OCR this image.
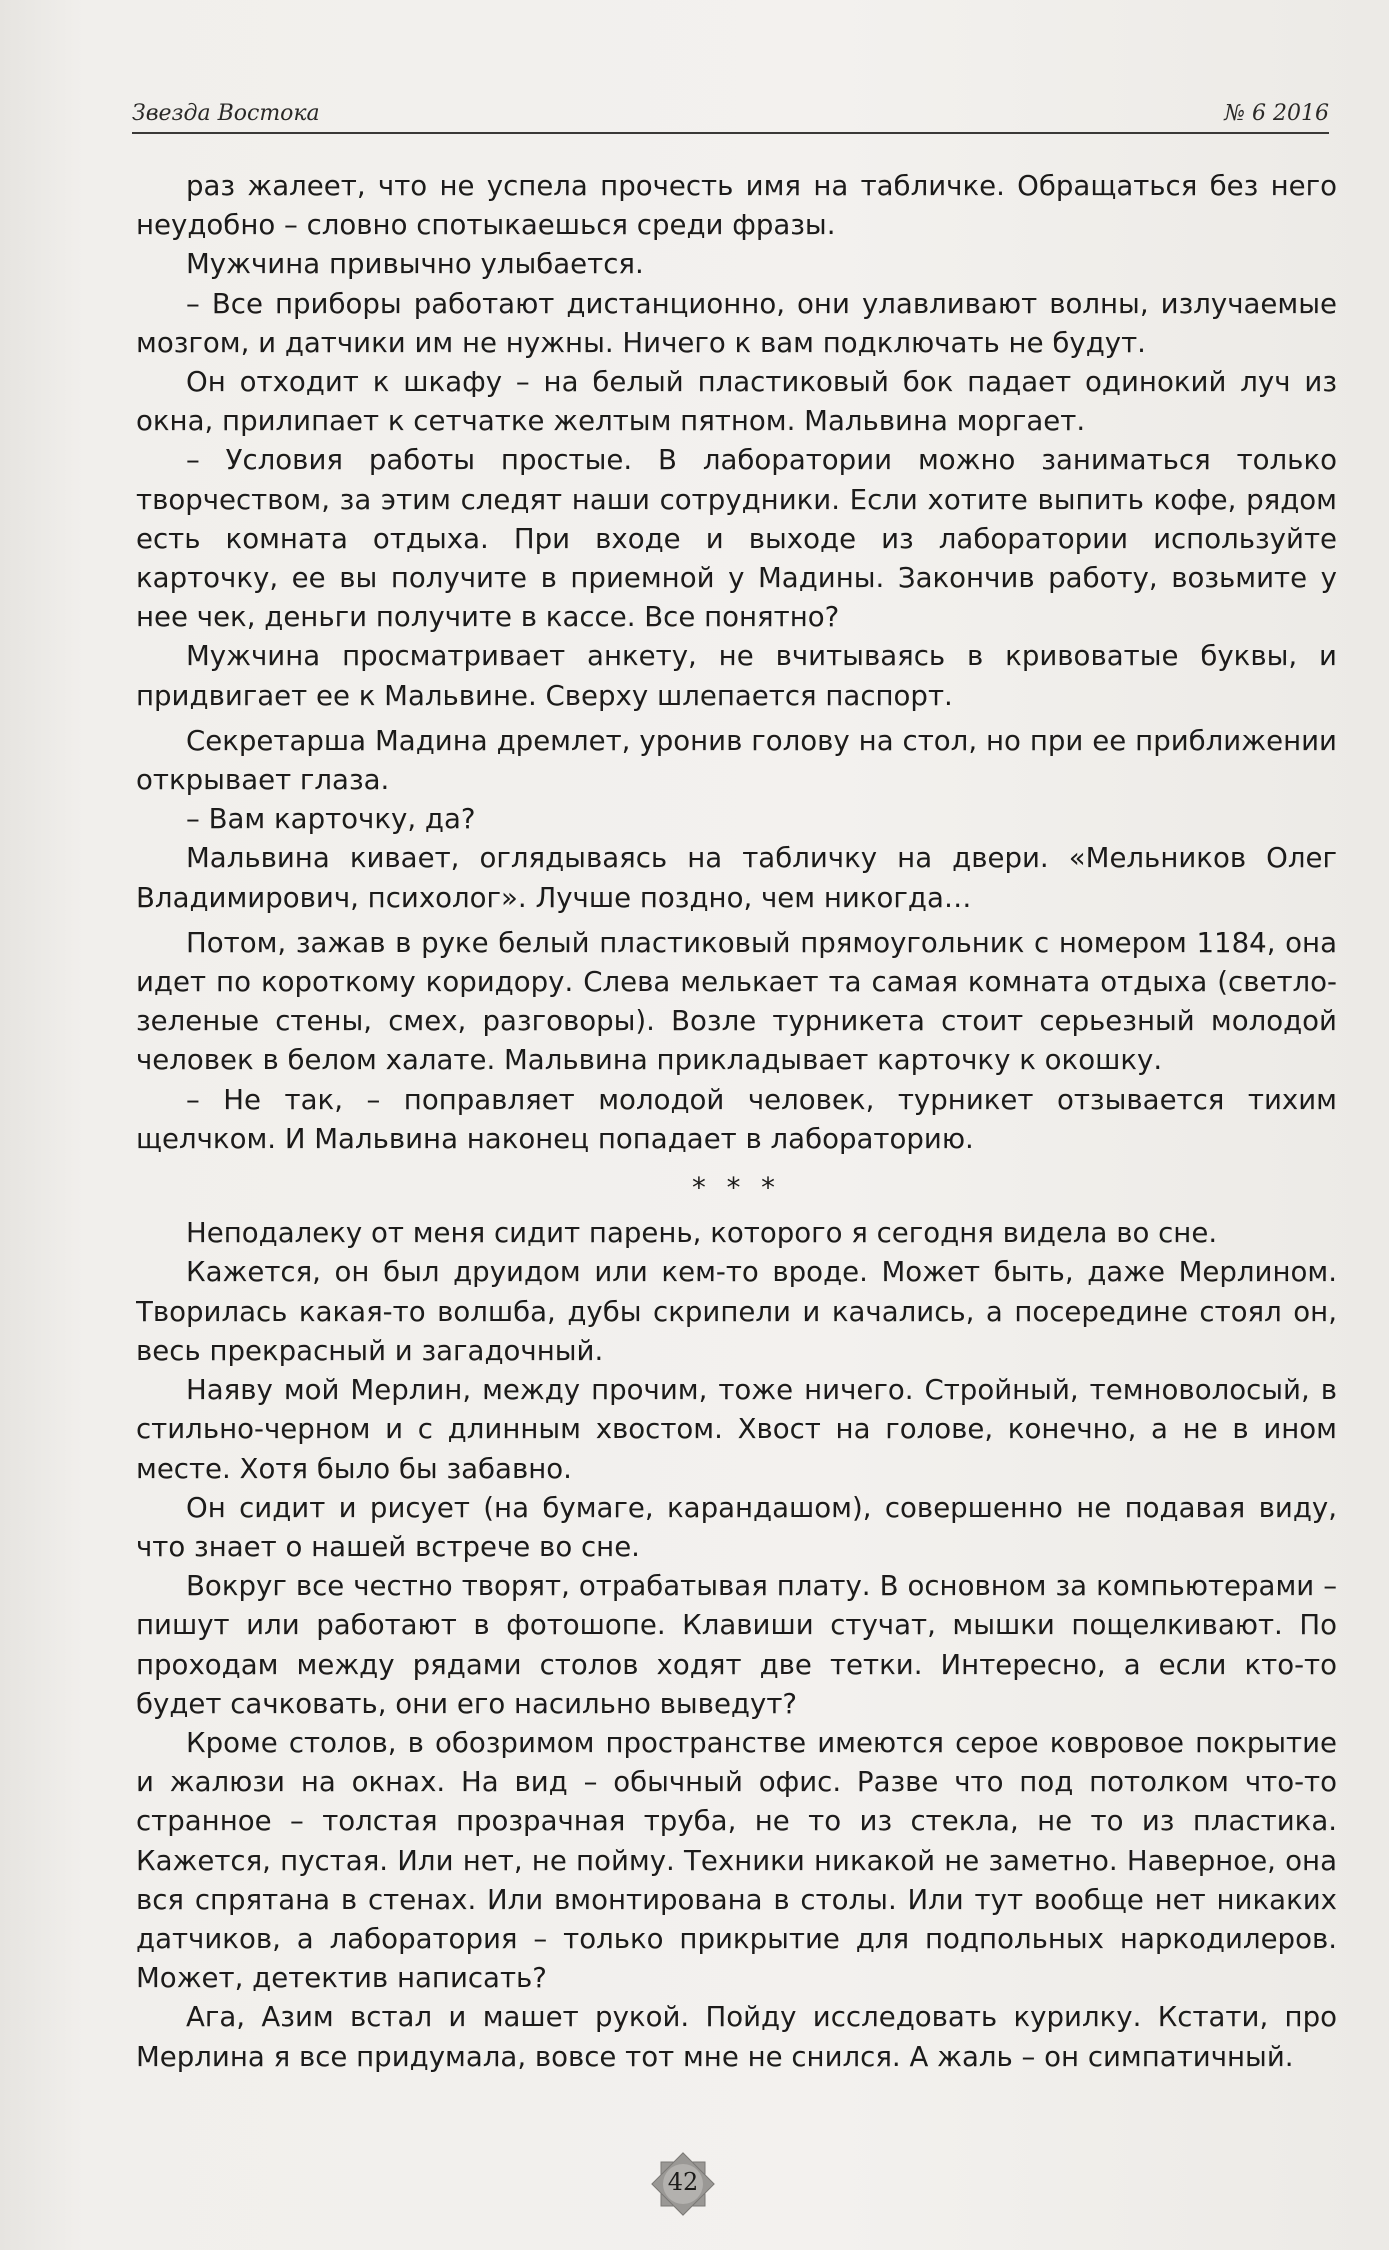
Звезда Востока	№ 6 2016

раз жалеет, что не успела прочесть имя на табличке. Обращаться без него неудобно – словно спотыкаешься среди фразы.

Мужчина привычно улыбается.

– Все приборы работают дистанционно, они улавливают волны, излучаемые мозгом, и датчики им не нужны. Ничего к вам подключать не будут.

Он отходит к шкафу – на белый пластиковый бок падает одинокий луч из окна, прилипает к сетчатке желтым пятном. Мальвина моргает.

– Условия работы простые. В лаборатории можно заниматься только творчеством, за этим следят наши сотрудники. Если хотите выпить кофе, рядом есть комната отдыха. При входе и выходе из лаборатории используйте карточку, ее вы получите в приемной у Мадины. Закончив работу, возьмите у нее чек, деньги получите в кассе. Все понятно?

Мужчина просматривает анкету, не вчитываясь в кривоватые буквы, и придвигает ее к Мальвине. Сверху шлепается паспорт.

Секретарша Мадина дремлет, уронив голову на стол, но при ее приближении открывает глаза.

– Вам карточку, да?

Мальвина кивает, оглядываясь на табличку на двери. «Мельников Олег Владимирович, психолог». Лучше поздно, чем никогда…

Потом, зажав в руке белый пластиковый прямоугольник с номером 1184, она идет по короткому коридору. Слева мелькает та самая комната отдыха (светло-зеленые стены, смех, разговоры). Возле турникета стоит серьезный молодой человек в белом халате. Мальвина прикладывает карточку к окошку.

– Не так, – поправляет молодой человек, турникет отзывается тихим щелчком. И Мальвина наконец попадает в лабораторию.

* * *

Неподалеку от меня сидит парень, которого я сегодня видела во сне.

Кажется, он был друидом или кем-то вроде. Может быть, даже Мерлином. Творилась какая-то волшба, дубы скрипели и качались, а посередине стоял он, весь прекрасный и загадочный.

Наяву мой Мерлин, между прочим, тоже ничего. Стройный, темноволосый, в стильно-черном и с длинным хвостом. Хвост на голове, конечно, а не в ином месте. Хотя было бы забавно.

Он сидит и рисует (на бумаге, карандашом), совершенно не подавая виду, что знает о нашей встрече во сне.

Вокруг все честно творят, отрабатывая плату. В основном за компьютерами – пишут или работают в фотошопе. Клавиши стучат, мышки пощелкивают. По проходам между рядами столов ходят две тетки. Интересно, а если кто-то будет сачковать, они его насильно выведут?

Кроме столов, в обозримом пространстве имеются серое ковровое покрытие и жалюзи на окнах. На вид – обычный офис. Разве что под потолком что-то странное – толстая прозрачная труба, не то из стекла, не то из пластика. Кажется, пустая. Или нет, не пойму. Техники никакой не заметно. Наверное, она вся спрятана в стенах. Или вмонтирована в столы. Или тут вообще нет никаких датчиков, а лаборатория – только прикрытие для подпольных наркодилеров. Может, детектив написать?

Ага, Азим встал и машет рукой. Пойду исследовать курилку. Кстати, про Мерлина я все придумала, вовсе тот мне не снился. А жаль – он симпатичный.

42
